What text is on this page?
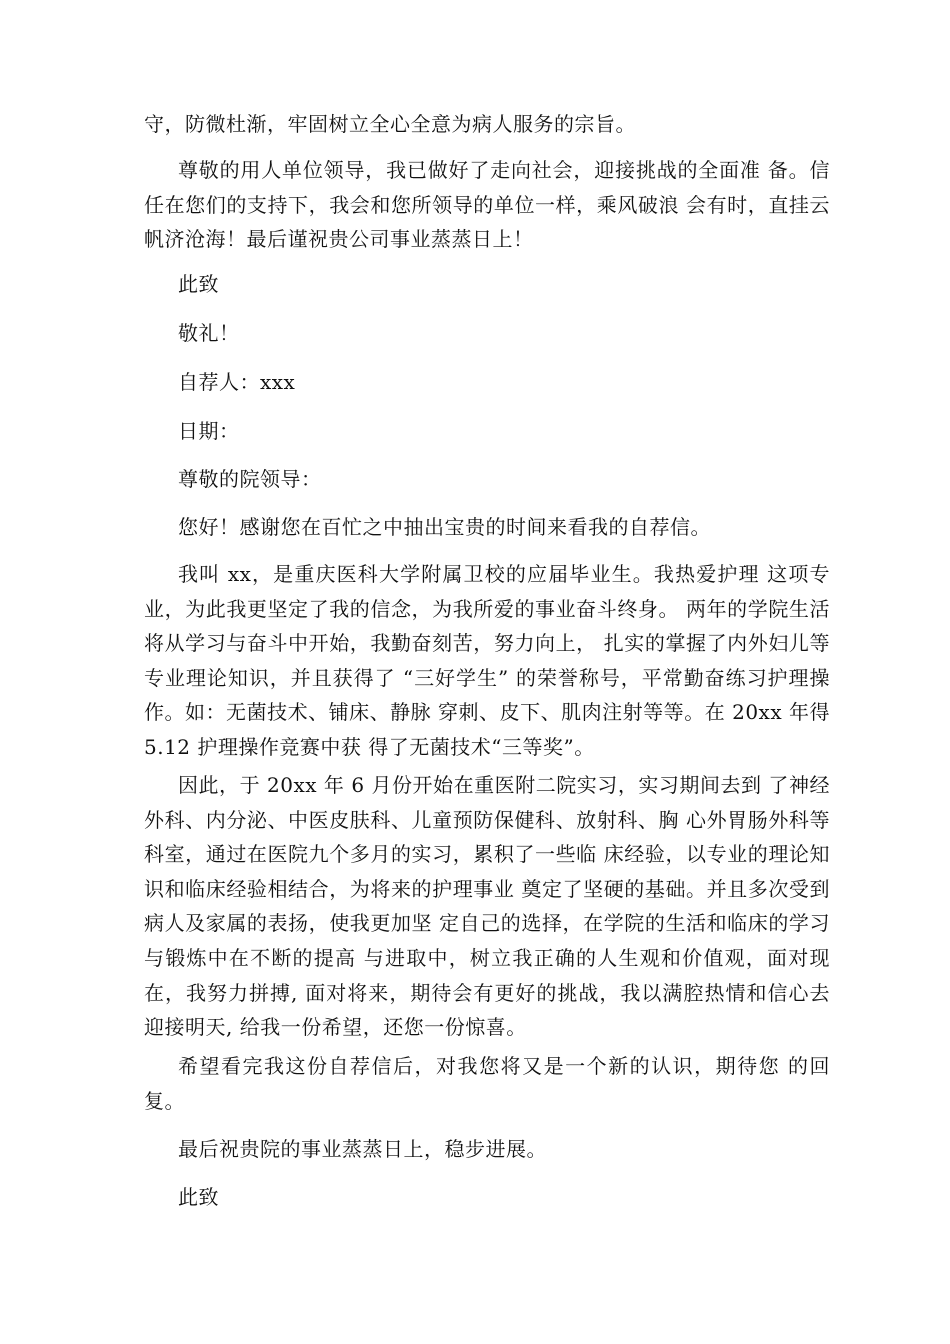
守，防微杜渐，牢固树立全心全意为病人服务的宗旨。

尊敬的用人单位领导，我已做好了走向社会，迎接挑战的全面准 备。信任在您们的支持下，我会和您所领导的单位一样，乘风破浪 会有时，直挂云帆济沧海！最后谨祝贵公司事业蒸蒸日上！

此致

敬礼！

自荐人：xxx

日期：

尊敬的院领导：

您好！感谢您在百忙之中抽出宝贵的时间来看我的自荐信。

我叫 xx，是重庆医科大学附属卫校的应届毕业生。我热爱护理 这项专业，为此我更坚定了我的信念，为我所爱的事业奋斗终身。 两年的学院生活将从学习与奋斗中开始，我勤奋刻苦，努力向上， 扎实的掌握了内外妇儿等专业理论知识，并且获得了 “三好学生” 的荣誉称号，平常勤奋练习护理操作。如：无菌技术、铺床、静脉 穿刺、皮下、肌肉注射等等。在 20xx 年得 5.12 护理操作竞赛中获 得了无菌技术“三等奖”。

因此，于 20xx 年 6 月份开始在重医附二院实习，实习期间去到 了神经外科、内分泌、中医皮肤科、儿童预防保健科、放射科、胸 心外胃肠外科等科室，通过在医院九个多月的实习，累积了一些临 床经验，以专业的理论知识和临床经验相结合，为将来的护理事业 奠定了坚硬的基础。并且多次受到病人及家属的表扬，使我更加坚 定自己的选择，在学院的生活和临床的学习与锻炼中在不断的提高 与进取中，树立我正确的人生观和价值观，面对现在，我努力拼搏, 面对将来，期待会有更好的挑战，我以满腔热情和信心去迎接明天, 给我一份希望，还您一份惊喜。

希望看完我这份自荐信后，对我您将又是一个新的认识，期待您 的回复。

最后祝贵院的事业蒸蒸日上，稳步进展。

此致
